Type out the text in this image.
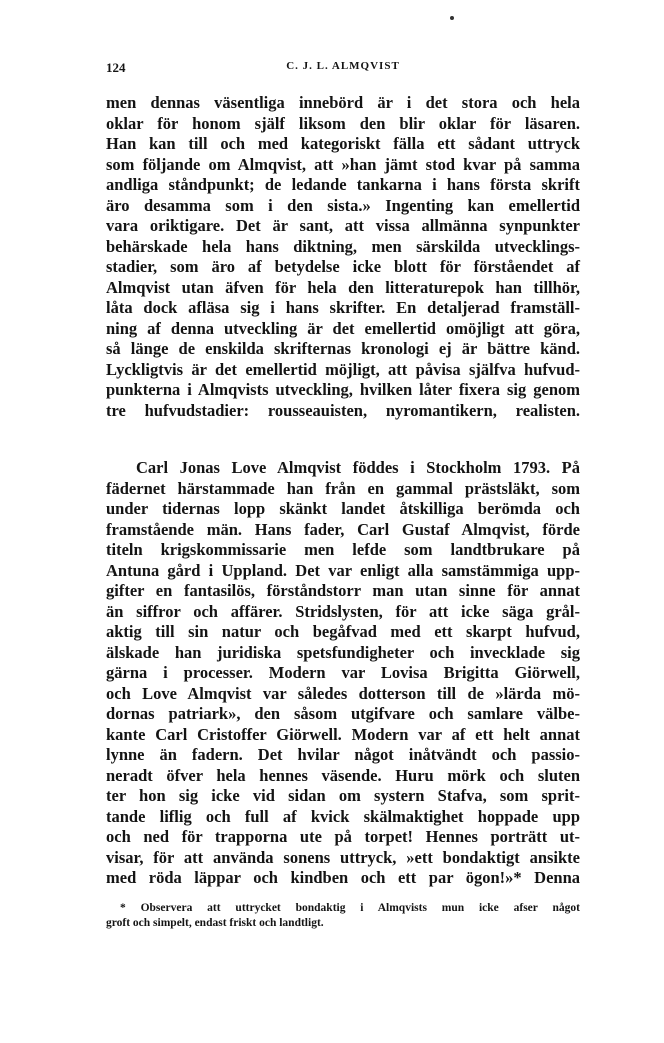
124	C. J. L. ALMQVIST
men dennas väsentliga innebörd är i det stora och hela
oklar för honom själf liksom den blir oklar för läsaren.
Han kan till och med kategoriskt fälla ett sådant uttryck
som följande om Almqvist, att »han jämt stod kvar på samma
andliga ståndpunkt; de ledande tankarna i hans första skrift
äro desamma som i den sista.» Ingenting kan emellertid
vara oriktigare. Det är sant, att vissa allmänna synpunkter
behärskade hela hans diktning, men särskilda utvecklings-
stadier, som äro af betydelse icke blott för förståendet af
Almqvist utan äfven för hela den litteraturepok han tillhör,
låta dock afläsa sig i hans skrifter. En detaljerad framställ-
ning af denna utveckling är det emellertid omöjligt att göra,
så länge de enskilda skrifternas kronologi ej är bättre känd.
Lyckligtvis är det emellertid möjligt, att påvisa själfva hufvud-
punkterna i Almqvists utveckling, hvilken låter fixera sig genom
tre hufvudstadier: rousseauisten, nyromantikern, realisten.
Carl Jonas Love Almqvist föddes i Stockholm 1793. På
fädernet härstammade han från en gammal prästsläkt, som
under tidernas lopp skänkt landet åtskilliga berömda och
framstående män. Hans fader, Carl Gustaf Almqvist, förde
titeln krigskommissarie men lefde som landtbrukare på
Antuna gård i Uppland. Det var enligt alla samstämmiga upp-
gifter en fantasilös, förståndstorr man utan sinne för annat
än siffror och affärer. Stridslysten, för att icke säga grål-
aktig till sin natur och begåfvad med ett skarpt hufvud,
älskade han juridiska spetsfundigheter och invecklade sig
gärna i processer. Modern var Lovisa Brigitta Giörwell,
och Love Almqvist var således dotterson till de »lärda mö-
dornas patriark», den såsom utgifvare och samlare välbe-
kante Carl Cristoffer Giörwell. Modern var af ett helt annat
lynne än fadern. Det hvilar något inåtvändt och passio-
neradt öfver hela hennes väsende. Huru mörk och sluten
ter hon sig icke vid sidan om systern Stafva, som sprit-
tande liflig och full af kvick skälmaktighet hoppade upp
och ned för trapporna ute på torpet! Hennes porträtt ut-
visar, för att använda sonens uttryck, »ett bondaktigt ansikte
med röda läppar och kindben och ett par ögon!»* Denna
* Observera att uttrycket bondaktig i Almqvists mun icke afser något
groft och simpelt, endast friskt och landtligt.
